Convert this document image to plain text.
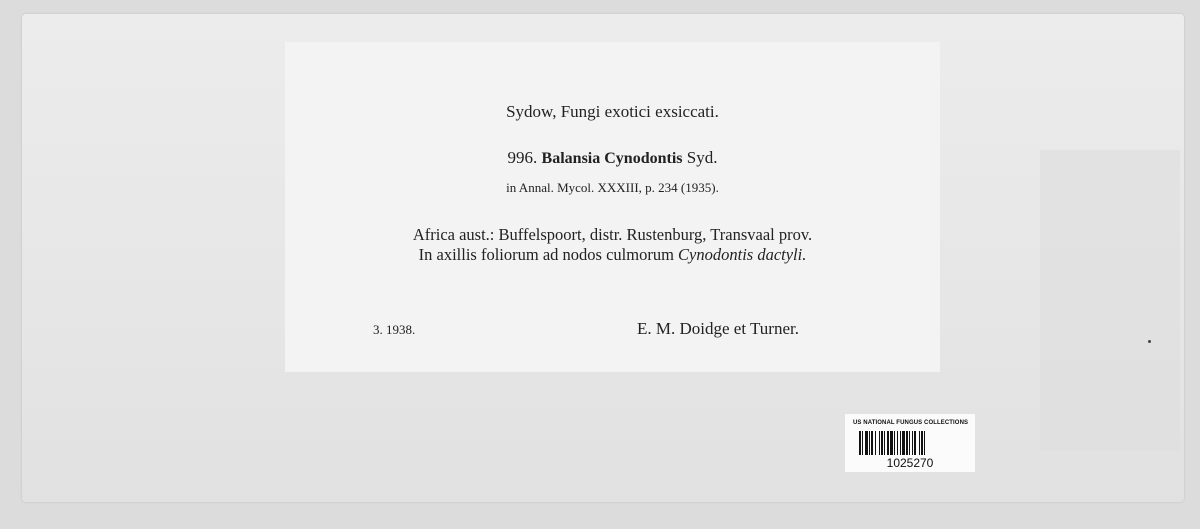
Sydow, Fungi exotici exsiccati.
996. Balansia Cynodontis Syd.
in Annal. Mycol. XXXIII, p. 234 (1935).
Africa aust.: Buffelspoort, distr. Rustenburg, Transvaal prov.
In axillis foliorum ad nodos culmorum Cynodontis dactyli.
3. 1938.	E. M. Doidge et Turner.
US NATIONAL FUNGUS COLLECTIONS
1025270
